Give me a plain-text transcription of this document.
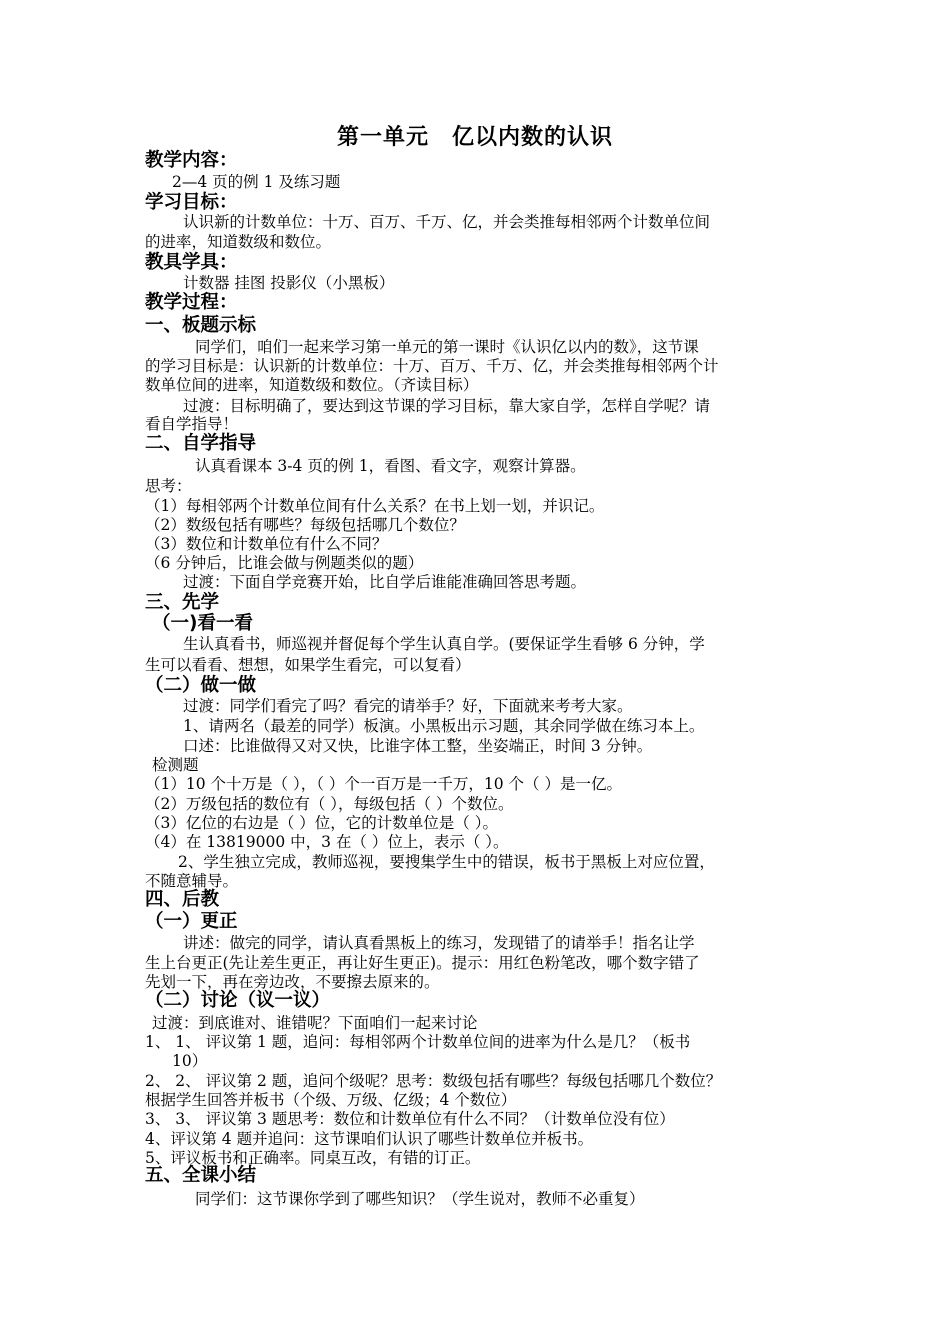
第一单元　亿以内数的认识
教学内容：
2—4 页的例 1 及练习题
学习目标：
认识新的计数单位：十万、百万、千万、亿，并会类推每相邻两个计数单位间
的进率，知道数级和数位。
教具学具：
计数器 挂图 投影仪（小黑板）
教学过程：
一、板题示标
同学们，咱们一起来学习第一单元的第一课时《认识亿以内的数》，这节课
的学习目标是：认识新的计数单位：十万、百万、千万、亿，并会类推每相邻两个计
数单位间的进率，知道数级和数位。（齐读目标）
过渡：目标明确了，要达到这节课的学习目标，靠大家自学，怎样自学呢？请
看自学指导！
二、自学指导
认真看课本 3-4 页的例 1，看图、看文字，观察计算器。
思考：
（1）每相邻两个计数单位间有什么关系？在书上划一划，并识记。
（2）数级包括有哪些？每级包括哪几个数位？
（3）数位和计数单位有什么不同？
（6 分钟后，比谁会做与例题类似的题）
过渡：下面自学竞赛开始，比自学后谁能准确回答思考题。
三、先学
（一)看一看
生认真看书，师巡视并督促每个学生认真自学。(要保证学生看够 6 分钟，学
生可以看看、想想，如果学生看完，可以复看）
（二）做一做
过渡：同学们看完了吗？看完的请举手？好，下面就来考考大家。
1、请两名（最差的同学）板演。小黑板出示习题，其余同学做在练习本上。
口述：比谁做得又对又快，比谁字体工整，坐姿端正，时间 3 分钟。
检测题
（1）10 个十万是（ ），（ ）个一百万是一千万，10 个（ ）是一亿。
（2）万级包括的数位有（ ），每级包括（ ）个数位。
（3）亿位的右边是（ ）位，它的计数单位是（ ）。
（4）在 13819000 中，3 在（ ）位上，表示（ ）。
2、学生独立完成，教师巡视，要搜集学生中的错误，板书于黑板上对应位置，
不随意辅导。
四、后教
（一）更正
讲述：做完的同学，请认真看黑板上的练习，发现错了的请举手！指名让学
生上台更正(先让差生更正，再让好生更正)。提示：用红色粉笔改，哪个数字错了
先划一下，再在旁边改，不要擦去原来的。
（二）讨论（议一议）
过渡：到底谁对、谁错呢？下面咱们一起来讨论
1、 1、 评议第 1 题，追问：每相邻两个计数单位间的进率为什么是几？（板书
10）
2、 2、 评议第 2 题，追问个级呢？思考：数级包括有哪些？每级包括哪几个数位？
根据学生回答并板书（个级、万级、亿级；4 个数位）
3、 3、 评议第 3 题思考：数位和计数单位有什么不同？（计数单位没有位）
4、评议第 4 题并追问：这节课咱们认识了哪些计数单位并板书。
5、评议板书和正确率。同桌互改，有错的订正。
五、全课小结
同学们：这节课你学到了哪些知识？（学生说对，教师不必重复）
